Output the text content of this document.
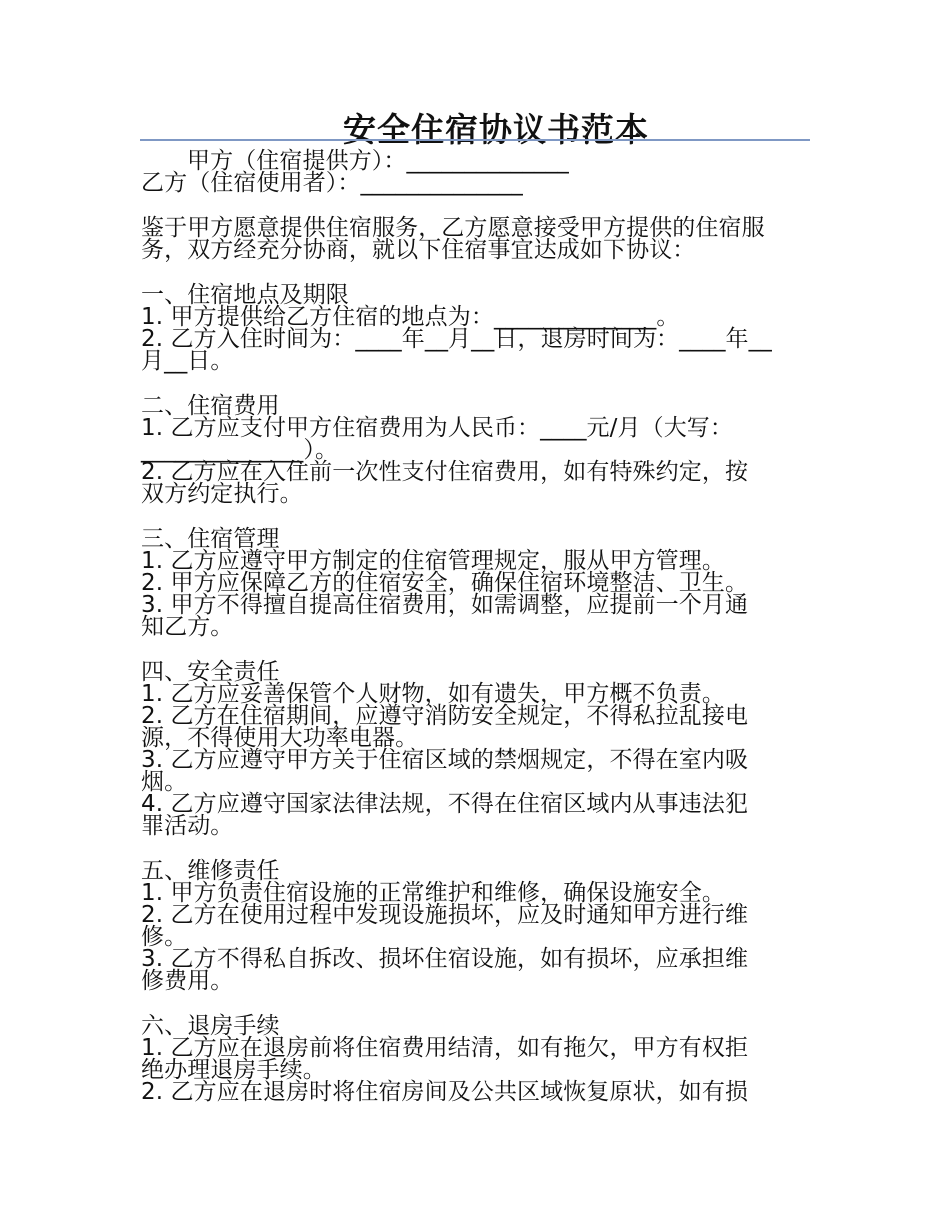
安全住宿协议书范本
甲方（住宿提供方）：______________
乙方（住宿使用者）：______________
鉴于甲方愿意提供住宿服务，乙方愿意接受甲方提供的住宿服
务，双方经充分协商，就以下住宿事宜达成如下协议：
一、住宿地点及期限
1. 甲方提供给乙方住宿的地点为：______________。
2. 乙方入住时间为：____年__月__日，退房时间为：____年__
月__日。
二、住宿费用
1. 乙方应支付甲方住宿费用为人民币：____元/月（大写：
______________）。
2. 乙方应在入住前一次性支付住宿费用，如有特殊约定，按
双方约定执行。
三、住宿管理
1. 乙方应遵守甲方制定的住宿管理规定，服从甲方管理。
2. 甲方应保障乙方的住宿安全，确保住宿环境整洁、卫生。
3. 甲方不得擅自提高住宿费用，如需调整，应提前一个月通
知乙方。
四、安全责任
1. 乙方应妥善保管个人财物，如有遗失，甲方概不负责。
2. 乙方在住宿期间，应遵守消防安全规定，不得私拉乱接电
源，不得使用大功率电器。
3. 乙方应遵守甲方关于住宿区域的禁烟规定，不得在室内吸
烟。
4. 乙方应遵守国家法律法规，不得在住宿区域内从事违法犯
罪活动。
五、维修责任
1. 甲方负责住宿设施的正常维护和维修，确保设施安全。
2. 乙方在使用过程中发现设施损坏，应及时通知甲方进行维
修。
3. 乙方不得私自拆改、损坏住宿设施，如有损坏，应承担维
修费用。
六、退房手续
1. 乙方应在退房前将住宿费用结清，如有拖欠，甲方有权拒
绝办理退房手续。
2. 乙方应在退房时将住宿房间及公共区域恢复原状，如有损
